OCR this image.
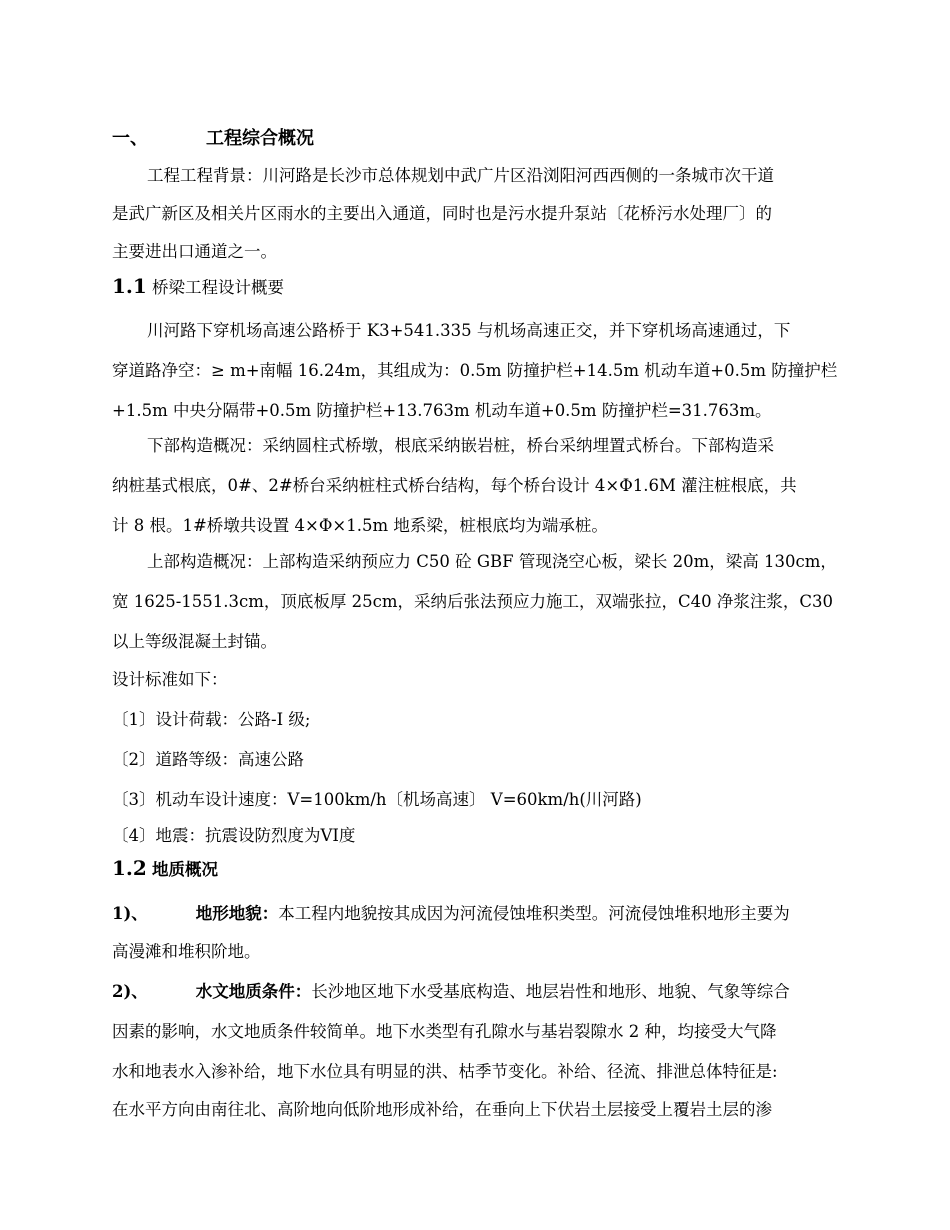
一、	工程综合概况
工程工程背景：川河路是长沙市总体规划中武广片区沿浏阳河西西侧的一条城市次干道
是武广新区及相关片区雨水的主要出入通道，同时也是污水提升泵站〔花桥污水处理厂〕的
主要进出口通道之一。
1.1 桥梁工程设计概要
川河路下穿机场高速公路桥于 K3+541.335 与机场高速正交，并下穿机场高速通过，下
穿道路净空：≥ m+南幅 16.24m，其组成为：0.5m 防撞护栏+14.5m 机动车道+0.5m 防撞护栏
+1.5m 中央分隔带+0.5m 防撞护栏+13.763m 机动车道+0.5m 防撞护栏=31.763m。
下部构造概况：采纳圆柱式桥墩，根底采纳嵌岩桩，桥台采纳埋置式桥台。下部构造采
纳桩基式根底，0#、2#桥台采纳桩柱式桥台结构，每个桥台设计 4×Φ1.6M 灌注桩根底，共
计 8 根。1#桥墩共设置 4×Φ×1.5m 地系梁，桩根底均为端承桩。
上部构造概况：上部构造采纳预应力 C50 砼 GBF 管现浇空心板，梁长 20m，梁高 130cm，
宽 1625-1551.3cm，顶底板厚 25cm，采纳后张法预应力施工，双端张拉，C40 净浆注浆，C30
以上等级混凝土封锚。
设计标准如下：
〔1〕设计荷载：公路-I 级;
〔2〕道路等级：高速公路
〔3〕机动车设计速度：V=100km/h〔机场高速〕 V=60km/h(川河路)
〔4〕地震：抗震设防烈度为VI度
1.2 地质概况
1)、	地形地貌：本工程内地貌按其成因为河流侵蚀堆积类型。河流侵蚀堆积地形主要为
高漫滩和堆积阶地。
2)、	水文地质条件：长沙地区地下水受基底构造、地层岩性和地形、地貌、气象等综合
因素的影响，水文地质条件较简单。地下水类型有孔隙水与基岩裂隙水 2 种，均接受大气降
水和地表水入渗补给，地下水位具有明显的洪、枯季节变化。补给、径流、排泄总体特征是:
在水平方向由南往北、高阶地向低阶地形成补给，在垂向上下伏岩土层接受上覆岩土层的渗
